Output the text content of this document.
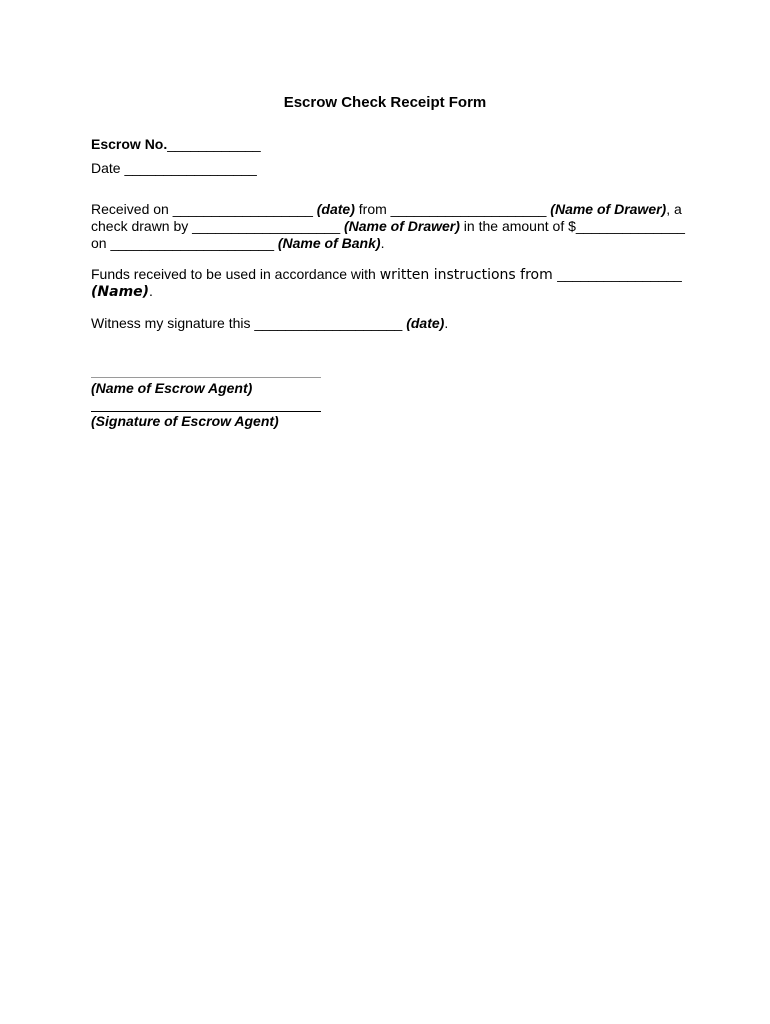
Escrow Check Receipt Form
Escrow No.____________
Date _________________
Received on __________________ (date) from ____________________ (Name of Drawer), a
check drawn by ___________________ (Name of Drawer) in the amount of $______________
on _____________________ (Name of Bank).
Funds received to be used in accordance with written instructions from ________________
(Name).
Witness my signature this ___________________ (date).
(Name of Escrow Agent)
(Signature of Escrow Agent)
